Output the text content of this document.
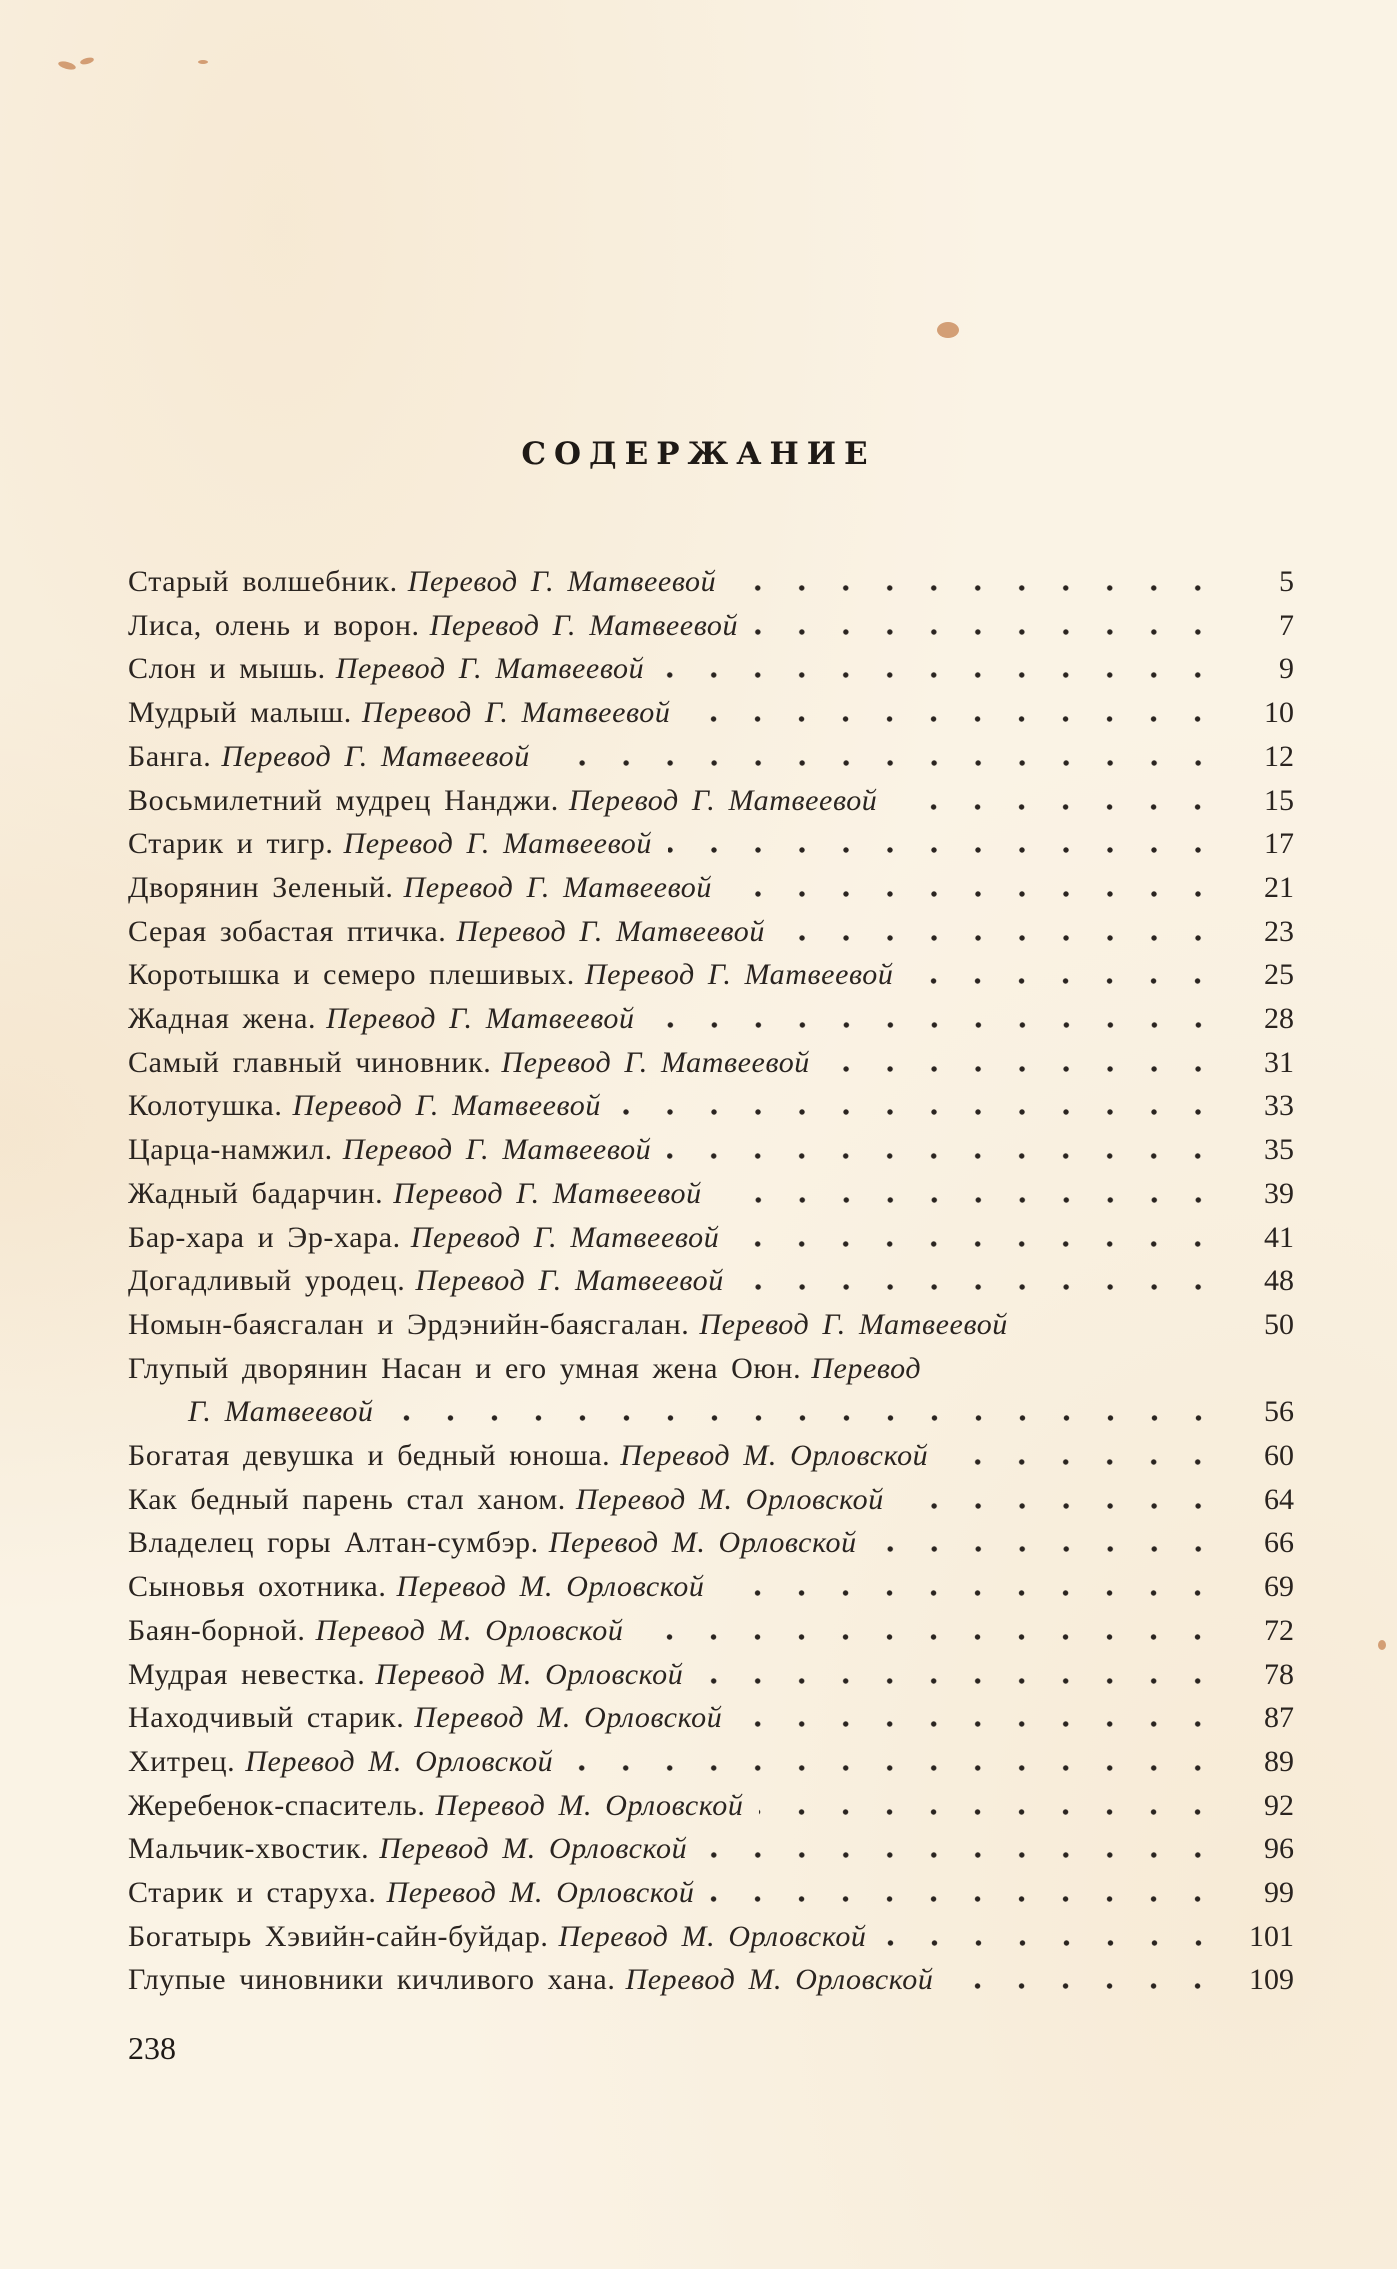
СОДЕРЖАНИЕ
Старый волшебник. Перевод Г. Матвеевой	5
Лиса, олень и ворон. Перевод Г. Матвеевой	7
Слон и мышь. Перевод Г. Матвеевой	9
Мудрый малыш. Перевод Г. Матвеевой	10
Банга. Перевод Г. Матвеевой	12
Восьмилетний мудрец Нанджи. Перевод Г. Матвеевой	15
Старик и тигр. Перевод Г. Матвеевой	17
Дворянин Зеленый. Перевод Г. Матвеевой	21
Серая зобастая птичка. Перевод Г. Матвеевой	23
Коротышка и семеро плешивых. Перевод Г. Матвеевой	25
Жадная жена. Перевод Г. Матвеевой	28
Самый главный чиновник. Перевод Г. Матвеевой	31
Колотушка. Перевод Г. Матвеевой	33
Царца-намжил. Перевод Г. Матвеевой	35
Жадный бадарчин. Перевод Г. Матвеевой	39
Бар-хара и Эр-хара. Перевод Г. Матвеевой	41
Догадливый уродец. Перевод Г. Матвеевой	48
Номын-баясгалан и Эрдэнийн-баясгалан. Перевод Г. Матвеевой	50
Глупый дворянин Насан и его умная жена Оюн. Перевод
Г. Матвеевой	56
Богатая девушка и бедный юноша. Перевод М. Орловской	60
Как бедный парень стал ханом. Перевод М. Орловской	64
Владелец горы Алтан-сумбэр. Перевод М. Орловской	66
Сыновья охотника. Перевод М. Орловской	69
Баян-борной. Перевод М. Орловской	72
Мудрая невестка. Перевод М. Орловской	78
Находчивый старик. Перевод М. Орловской	87
Хитрец. Перевод М. Орловской	89
Жеребенок-спаситель. Перевод М. Орловской	92
Мальчик-хвостик. Перевод М. Орловской	96
Старик и старуха. Перевод М. Орловской	99
Богатырь Хэвийн-сайн-буйдар. Перевод М. Орловской	101
Глупые чиновники кичливого хана. Перевод М. Орловской	109
238
